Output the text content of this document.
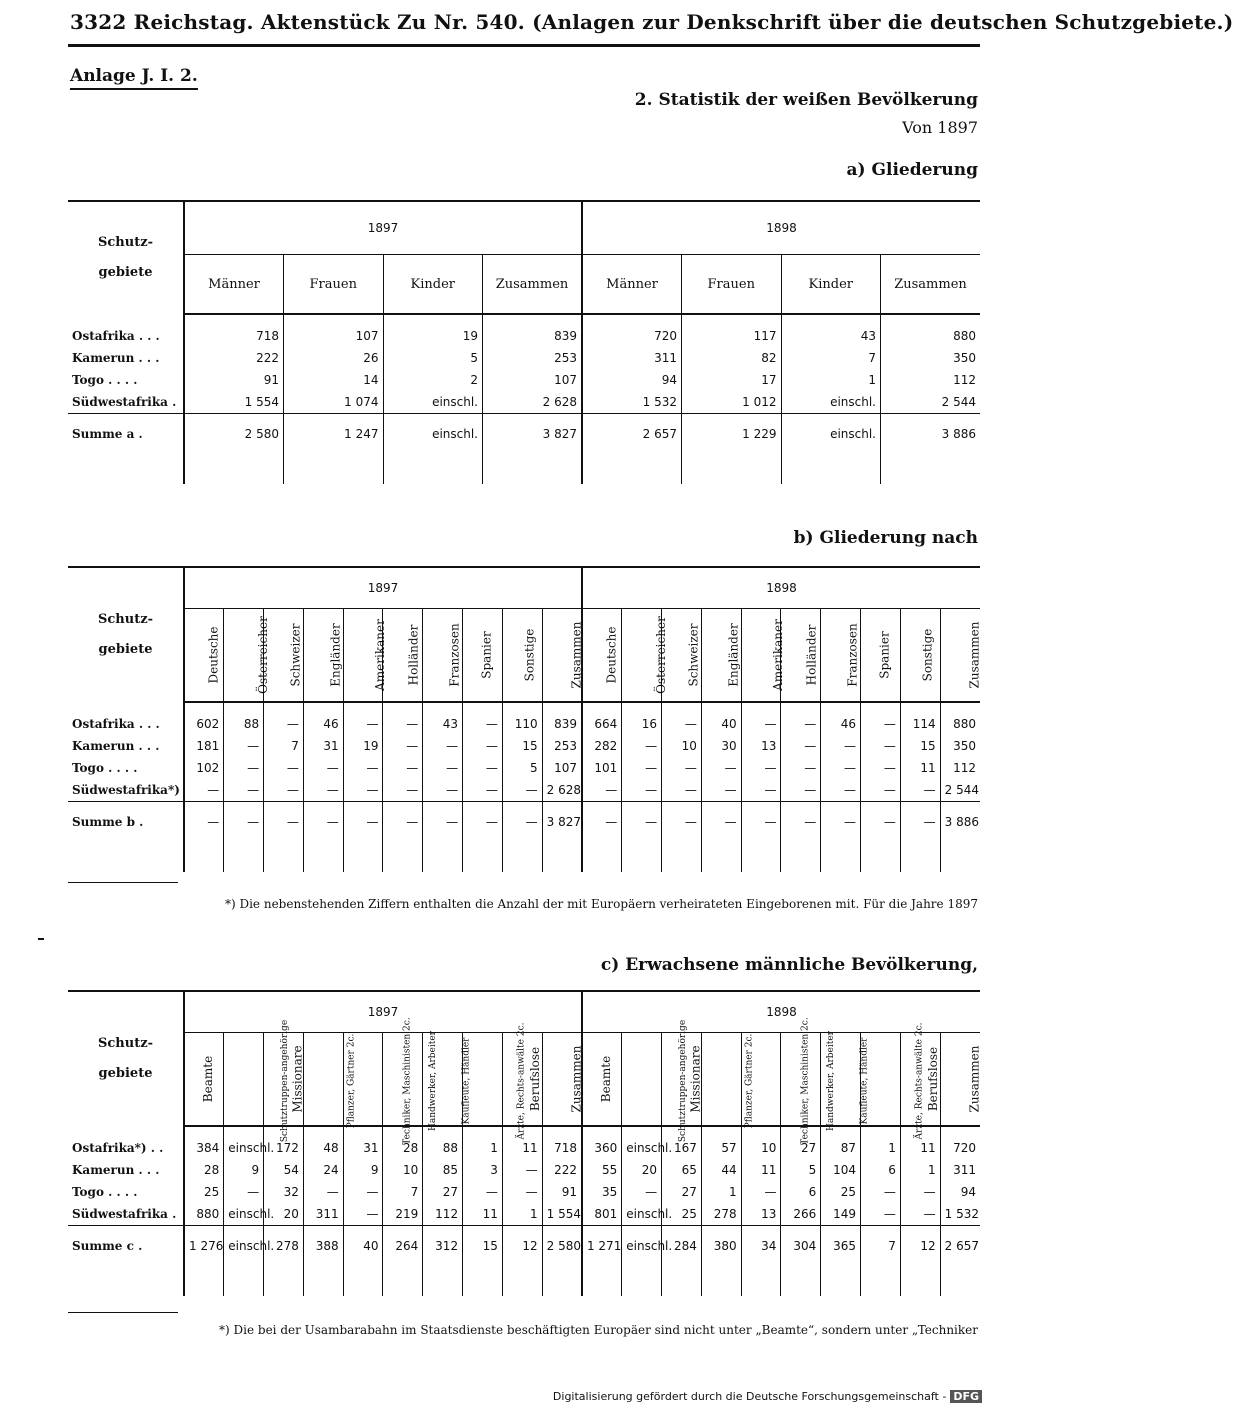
3322 Reichstag. Aktenstück Zu Nr. 540. (Anlagen zur Denkschrift über die deutschen Schutzgebiete.)
Anlage J. I. 2.
2. Statistik der weißen Bevölkerung
Von 1897
a) Gliederung
Schutz- gebiete	1897				1898			
	Männer	Frauen	Kinder	Zusammen	Männer	Frauen	Kinder	Zusammen

Ostafrika . . .	718	107	19	839	720	117	43	880
Kamerun . . .	222	26	5	253	311	82	7	350
Togo . . . .	91	14	2	107	94	17	1	112
Südwestafrika .	1 554	1 074	einschl.	2 628	1 532	1 012	einschl.	2 544
Summe a .	2 580	1 247	einschl.	3 827	2 657	1 229	einschl.	3 886

b) Gliederung nach
Schutz- gebiete	1897										1898									
	Deutsche	Österreicher	Schweizer	Engländer	Amerikaner	Holländer	Franzosen	Spanier	Sonstige	Zusammen	Deutsche	Österreicher	Schweizer	Engländer	Amerikaner	Holländer	Franzosen	Spanier	Sonstige	Zusammen

Ostafrika . . .	602	88	—	46	—	—	43	—	110	839	664	16	—	40	—	—	46	—	114	880
Kamerun . . .	181	—	7	31	19	—	—	—	15	253	282	—	10	30	13	—	—	—	15	350
Togo . . . .	102	—	—	—	—	—	—	—	5	107	101	—	—	—	—	—	—	—	11	112
Südwestafrika*)	—	—	—	—	—	—	—	—	—	2 628	—	—	—	—	—	—	—	—	—	2 544
Summe b .	—	—	—	—	—	—	—	—	—	3 827	—	—	—	—	—	—	—	—	—	3 886

*) Die nebenstehenden Ziffern enthalten die Anzahl der mit Europäern verheirateten Eingeborenen mit. Für die Jahre 1897
c) Erwachsene männliche Bevölkerung,
Schutz- gebiete	1897										1898									
	Beamte	Schutztruppen-angehörige	Missionare	Pflanzer, Gärtner 2c.	Techniker, Maschinisten 2c.	Handwerker, Arbeiter	Kaufleute, Händler	Ärzte, Rechts-anwälte 2c.	Berufslose	Zusammen	Beamte	Schutztruppen-angehörige	Missionare	Pflanzer, Gärtner 2c.	Techniker, Maschinisten 2c.	Handwerker, Arbeiter	Kaufleute, Händler	Ärzte, Rechts-anwälte 2c.	Berufslose	Zusammen

Ostafrika*) . .	384	einschl.	172	48	31	28	88	1	11	718	360	einschl.	167	57	10	27	87	1	11	720
Kamerun . . .	28	9	54	24	9	10	85	3	—	222	55	20	65	44	11	5	104	6	1	311
Togo . . . .	25	—	32	—	—	7	27	—	—	91	35	—	27	1	—	6	25	—	—	94
Südwestafrika .	880	einschl.	20	311	—	219	112	11	1	1 554	801	einschl.	25	278	13	266	149	—	—	1 532
Summe c .	1 276	einschl.	278	388	40	264	312	15	12	2 580	1 271	einschl.	284	380	34	304	365	7	12	2 657

*) Die bei der Usambarabahn im Staatsdienste beschäftigten Europäer sind nicht unter „Beamte“, sondern unter „Techniker
Digitalisierung gefördert durch die Deutsche Forschungsgemeinschaft - DFG
